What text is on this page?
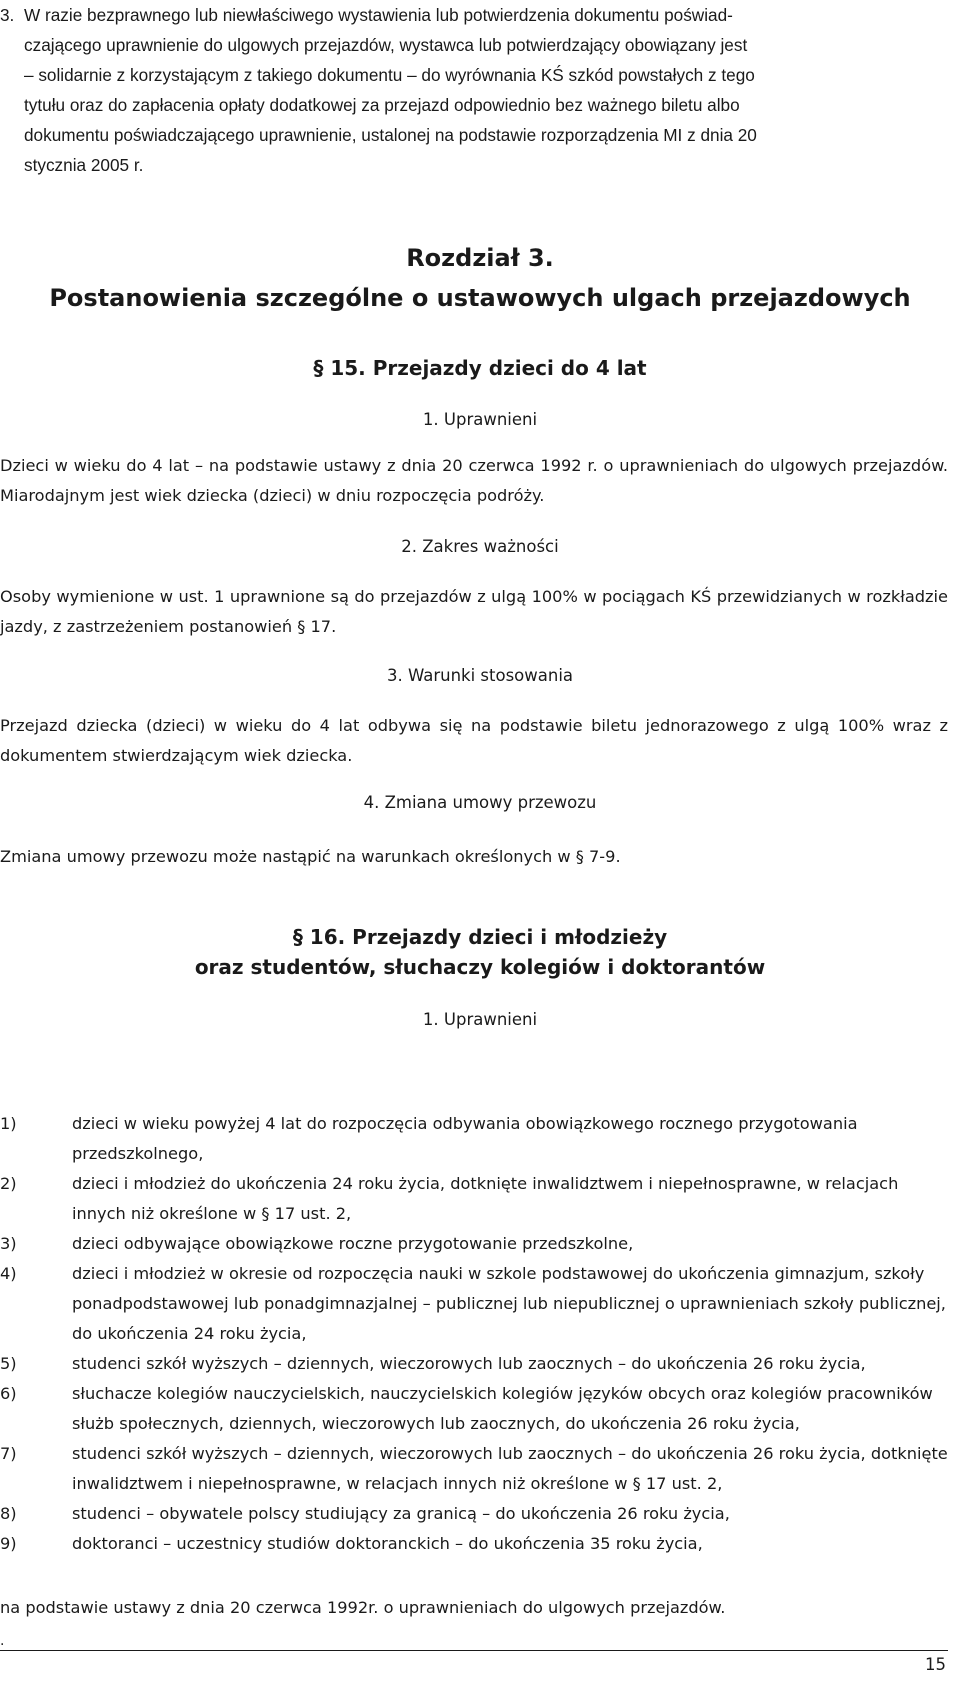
3. W razie bezprawnego lub niewłaściwego wystawienia lub potwierdzenia dokumentu poświad-
czającego uprawnienie do ulgowych przejazdów, wystawca lub potwierdzający obowiązany jest
– solidarnie z korzystającym z takiego dokumentu – do wyrównania KŚ szkód powstałych z tego
tytułu oraz do zapłacenia opłaty dodatkowej za przejazd odpowiednio bez ważnego biletu albo
dokumentu poświadczającego uprawnienie, ustalonej na podstawie rozporządzenia MI z dnia 20
stycznia 2005 r.
Rozdział 3.
Postanowienia szczególne o ustawowych ulgach przejazdowych
§ 15. Przejazdy dzieci do 4 lat
1. Uprawnieni
Dzieci w wieku do 4 lat – na podstawie ustawy z dnia 20 czerwca 1992 r. o uprawnieniach do ulgowych przejazdów. Miarodajnym jest wiek dziecka (dzieci) w dniu rozpoczęcia podróży.
2. Zakres ważności
Osoby wymienione w ust. 1 uprawnione są do przejazdów z ulgą 100% w pociągach KŚ przewidzianych w rozkładzie jazdy, z zastrzeżeniem postanowień § 17.
3. Warunki stosowania
Przejazd dziecka (dzieci) w wieku do 4 lat odbywa się na podstawie biletu jednorazowego z ulgą 100% wraz z dokumentem stwierdzającym wiek dziecka.
4. Zmiana umowy przewozu
Zmiana umowy przewozu może nastąpić na warunkach określonych w § 7-9.
§ 16. Przejazdy dzieci i młodzieży
oraz studentów, słuchaczy kolegiów i doktorantów
1. Uprawnieni
1)	dzieci w wieku powyżej 4 lat do rozpoczęcia odbywania obowiązkowego rocznego przygotowania przedszkolnego,
2)	dzieci i młodzież do ukończenia 24 roku życia, dotknięte inwalidztwem i niepełnosprawne, w relacjach innych niż określone w § 17 ust. 2,
3)	dzieci odbywające obowiązkowe roczne przygotowanie przedszkolne,
4)	dzieci i młodzież w okresie od rozpoczęcia nauki w szkole podstawowej do ukończenia gimnazjum, szkoły ponadpodstawowej lub ponadgimnazjalnej – publicznej lub niepublicznej o uprawnieniach szkoły publicznej, do ukończenia 24 roku życia,
5)	studenci szkół wyższych – dziennych, wieczorowych lub zaocznych – do ukończenia 26 roku życia,
6)	słuchacze kolegiów nauczycielskich, nauczycielskich kolegiów języków obcych oraz kolegiów pracowników służb społecznych, dziennych, wieczorowych lub zaocznych, do ukończenia 26 roku życia,
7)	studenci szkół wyższych – dziennych, wieczorowych lub zaocznych – do ukończenia 26 roku życia, dotknięte inwalidztwem i niepełnosprawne, w relacjach innych niż określone w § 17 ust. 2,
8)	studenci – obywatele polscy studiujący za granicą – do ukończenia 26 roku życia,
9)	doktoranci – uczestnicy studiów doktoranckich – do ukończenia 35 roku życia,
na podstawie ustawy z dnia 20 czerwca 1992r. o uprawnieniach do ulgowych przejazdów.
.
15
